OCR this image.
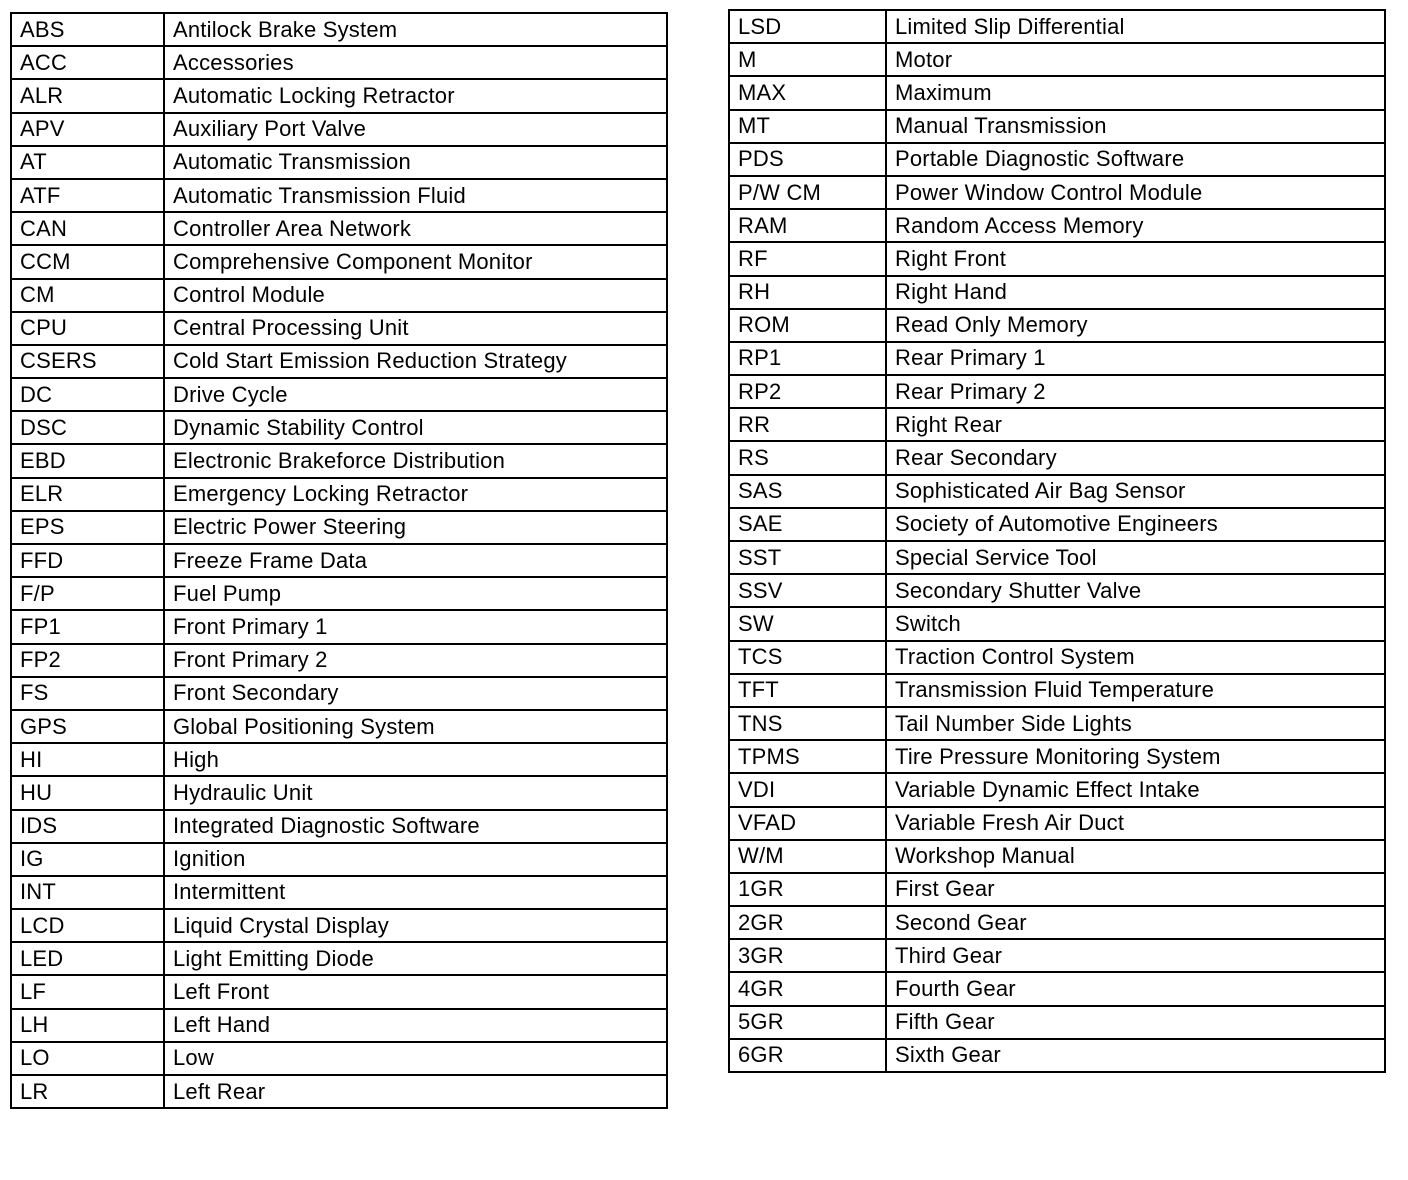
ABS	Antilock Brake System
ACC	Accessories
ALR	Automatic Locking Retractor
APV	Auxiliary Port Valve
AT	Automatic Transmission
ATF	Automatic Transmission Fluid
CAN	Controller Area Network
CCM	Comprehensive Component Monitor
CM	Control Module
CPU	Central Processing Unit
CSERS	Cold Start Emission Reduction Strategy
DC	Drive Cycle
DSC	Dynamic Stability Control
EBD	Electronic Brakeforce Distribution
ELR	Emergency Locking Retractor
EPS	Electric Power Steering
FFD	Freeze Frame Data
F/P	Fuel Pump
FP1	Front Primary 1
FP2	Front Primary 2
FS	Front Secondary
GPS	Global Positioning System
HI	High
HU	Hydraulic Unit
IDS	Integrated Diagnostic Software
IG	Ignition
INT	Intermittent
LCD	Liquid Crystal Display
LED	Light Emitting Diode
LF	Left Front
LH	Left Hand
LO	Low
LR	Left Rear
LSD	Limited Slip Differential
M	Motor
MAX	Maximum
MT	Manual Transmission
PDS	Portable Diagnostic Software
P/W CM	Power Window Control Module
RAM	Random Access Memory
RF	Right Front
RH	Right Hand
ROM	Read Only Memory
RP1	Rear Primary 1
RP2	Rear Primary 2
RR	Right Rear
RS	Rear Secondary
SAS	Sophisticated Air Bag Sensor
SAE	Society of Automotive Engineers
SST	Special Service Tool
SSV	Secondary Shutter Valve
SW	Switch
TCS	Traction Control System
TFT	Transmission Fluid Temperature
TNS	Tail Number Side Lights
TPMS	Tire Pressure Monitoring System
VDI	Variable Dynamic Effect Intake
VFAD	Variable Fresh Air Duct
W/M	Workshop Manual
1GR	First Gear
2GR	Second Gear
3GR	Third Gear
4GR	Fourth Gear
5GR	Fifth Gear
6GR	Sixth Gear
